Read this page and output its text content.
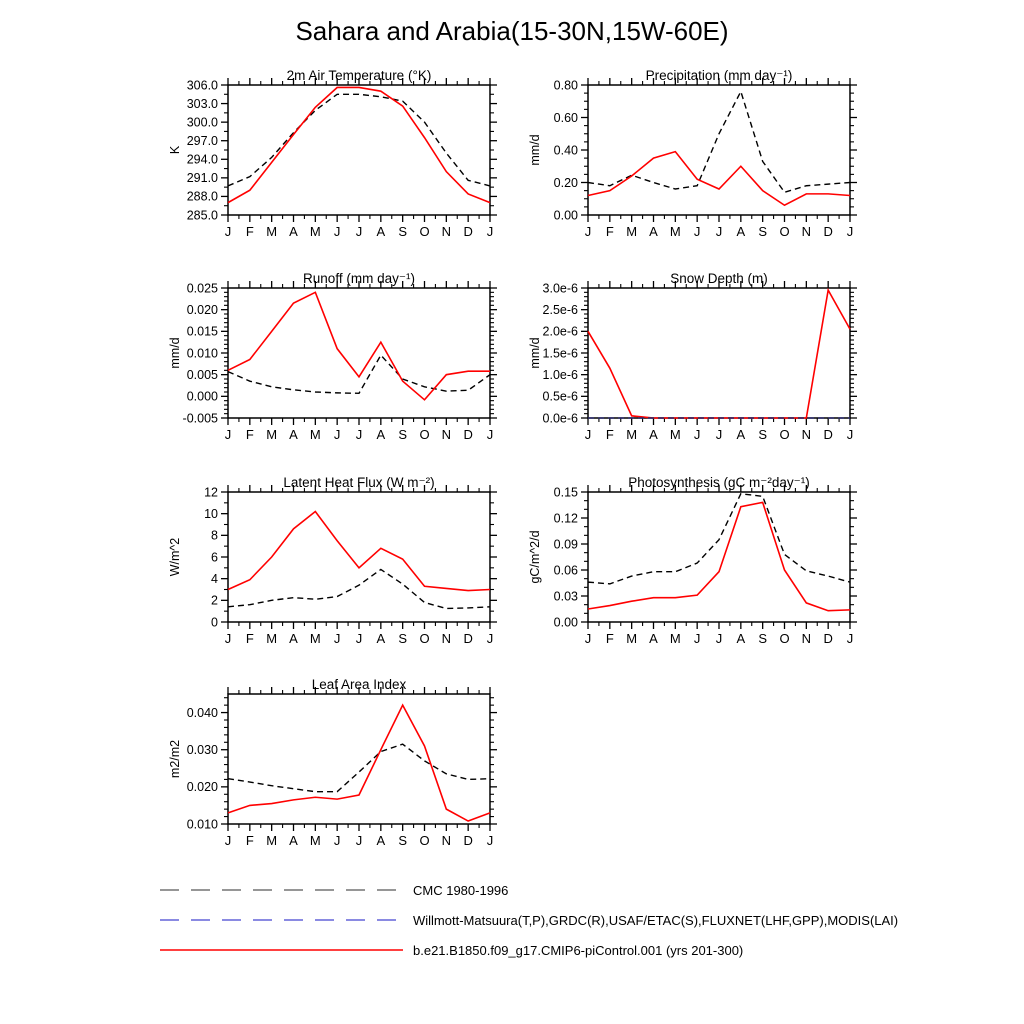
Sahara and Arabia(15-30N,15W-60E)
285.0
288.0
291.0
294.0
297.0
300.0
303.0
306.0
J F M A M J J A S O N D J
2m Air Temperature (°K)
K
0.00
0.20
0.40
0.60
0.80
J F M A M J J A S O N D J
Precipitation (mm day⁻¹)
mm/d
-0.005
0.000
0.005
0.010
0.015
0.020
0.025
J F M A M J J A S O N D J
Runoff (mm day⁻¹)
mm/d
0.0e-6
0.5e-6
1.0e-6
1.5e-6
2.0e-6
2.5e-6
3.0e-6
J F M A M J J A S O N D J
Snow Depth (m)
mm/d
0
2
4
6
8
10
12
J F M A M J J A S O N D J
Latent Heat Flux (W m⁻²)
W/m^2
0.00
0.03
0.06
0.09
0.12
0.15
J F M A M J J A S O N D J
Photosynthesis (gC m⁻²day⁻¹)
gC/m^2/d
0.010
0.020
0.030
0.040
J F M A M J J A S O N D J
Leaf Area Index
m2/m2
CMC 1980-1996
Willmott-Matsuura(T,P),GRDC(R),USAF/ETAC(S),FLUXNET(LHF,GPP),MODIS(LAI)
b.e21.B1850.f09_g17.CMIP6-piControl.001 (yrs 201-300)
